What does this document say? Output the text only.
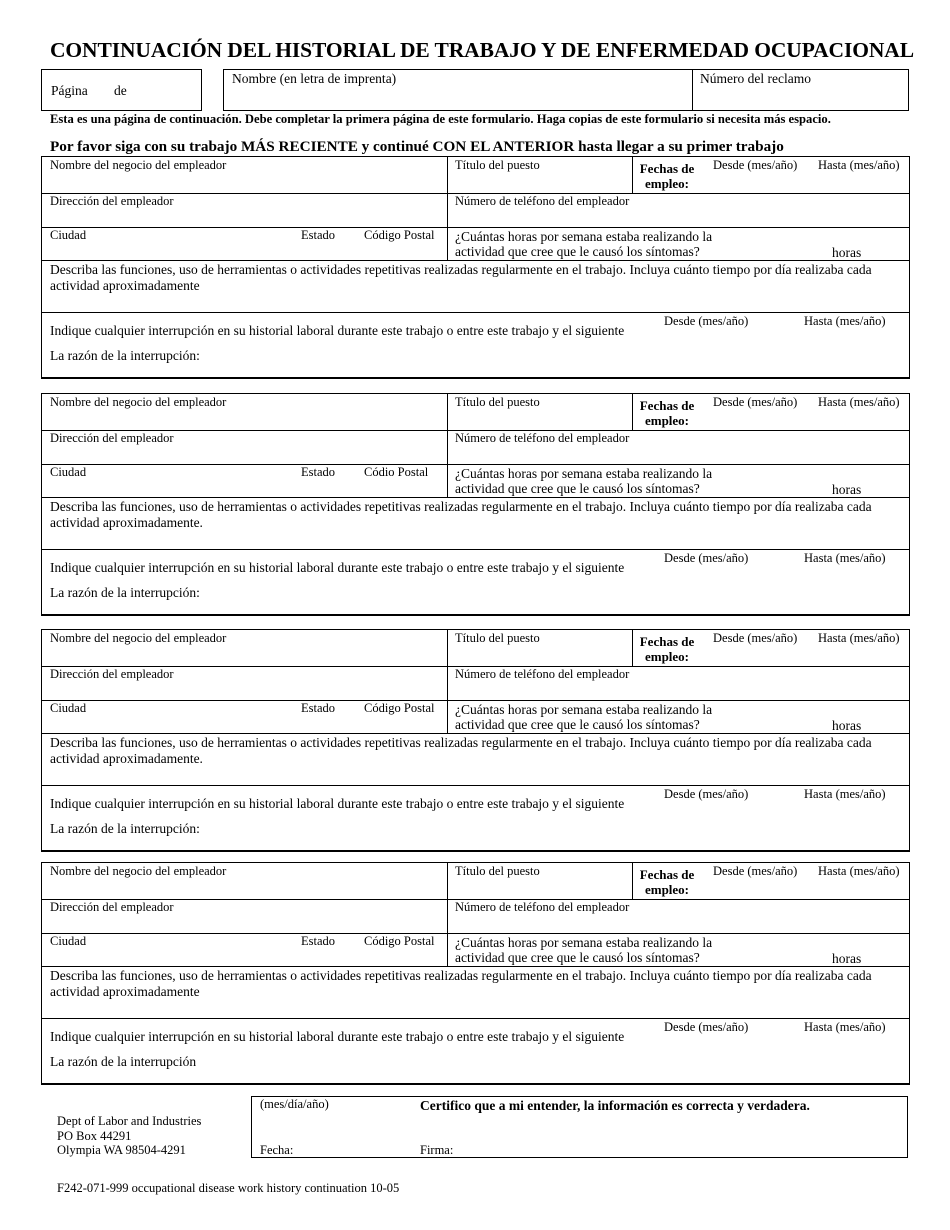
CONTINUACIÓN DEL HISTORIAL DE TRABAJO Y DE ENFERMEDAD OCUPACIONAL
Página de
Nombre (en letra de imprenta)	Número del reclamo
Esta es una página de continuación. Debe completar la primera página de este formulario. Haga copias de este formulario si necesita más espacio.
Por favor siga con su trabajo MÁS RECIENTE y continué CON EL ANTERIOR hasta llegar a su primer trabajo
Nombre del negocio del empleador	Título del puesto	Fechas de
empleo:
Desde (mes/año) Hasta (mes/año)
Dirección del empleador	Número de teléfono del empleador
Ciudad	Estado Código Postal ¿Cuántas horas por semana estaba realizando la
actividad que cree que le causó los síntomas?	horas
Describa las funciones, uso de herramientas o actividades repetitivas realizadas regularmente en el trabajo. Incluya cuánto tiempo por día realizaba cada
actividad aproximadamente
Desde (mes/año)	Hasta (mes/año)
Indique cualquier interrupción en su historial laboral durante este trabajo o entre este trabajo y el siguiente
La razón de la interrupción:
Nombre del negocio del empleador	Título del puesto	Fechas de
empleo:
Desde (mes/año) Hasta (mes/año)
Dirección del empleador	Número de teléfono del empleador
Ciudad	Estado Códio Postal ¿Cuántas horas por semana estaba realizando la
actividad que cree que le causó los síntomas?	horas
Describa las funciones, uso de herramientas o actividades repetitivas realizadas regularmente en el trabajo. Incluya cuánto tiempo por día realizaba cada
actividad aproximadamente.
Desde (mes/año)	Hasta (mes/año)
Indique cualquier interrupción en su historial laboral durante este trabajo o entre este trabajo y el siguiente
La razón de la interrupción:
Nombre del negocio del empleador	Título del puesto	Fechas de
empleo:
Desde (mes/año) Hasta (mes/año)
Dirección del empleador	Número de teléfono del empleador
Ciudad	Estado Código Postal ¿Cuántas horas por semana estaba realizando la
actividad que cree que le causó los síntomas?	horas
Describa las funciones, uso de herramientas o actividades repetitivas realizadas regularmente en el trabajo. Incluya cuánto tiempo por día realizaba cada
actividad aproximadamente.
Desde (mes/año)	Hasta (mes/año)
Indique cualquier interrupción en su historial laboral durante este trabajo o entre este trabajo y el siguiente
La razón de la interrupción:
Nombre del negocio del empleador	Título del puesto	Fechas de
empleo:
Desde (mes/año) Hasta (mes/año)
Dirección del empleador	Número de teléfono del empleador
Ciudad	Estado Código Postal ¿Cuántas horas por semana estaba realizando la
actividad que cree que le causó los síntomas?	horas
Describa las funciones, uso de herramientas o actividades repetitivas realizadas regularmente en el trabajo. Incluya cuánto tiempo por día realizaba cada
actividad aproximadamente
Desde (mes/año)	Hasta (mes/año)
Indique cualquier interrupción en su historial laboral durante este trabajo o entre este trabajo y el siguiente
La razón de la interrupción
Dept of Labor and Industries
PO Box 44291
Olympia WA 98504-4291
(mes/día/año)	Certifico que a mi entender, la información es correcta y verdadera.
Fecha:	Firma:
F242-071-999 occupational disease work history continuation 10-05
